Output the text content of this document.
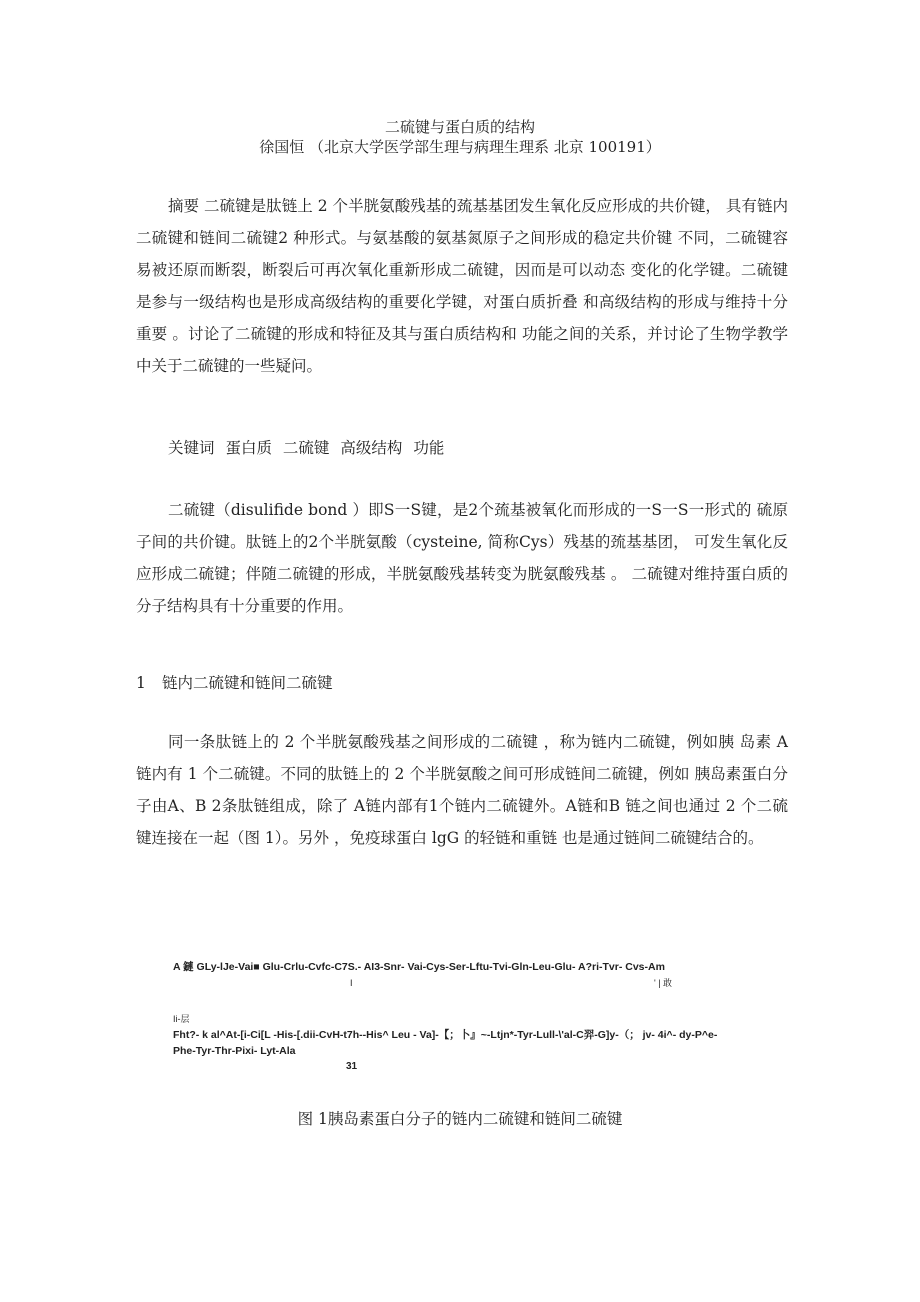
二硫键与蛋白质的结构
徐国恒 （北京大学医学部生理与病理生理系 北京 100191）

摘要 二硫键是肽链上 2 个半胱氨酸残基的巯基基团发生氧化反应形成的共价键， 具有链内二硫键和链间二硫键2 种形式。与氨基酸的氨基氮原子之间形成的稳定共价键 不同，二硫键容易被还原而断裂，断裂后可再次氧化重新形成二硫键，因而是可以动态 变化的化学键。二硫键是参与一级结构也是形成高级结构的重要化学键，对蛋白质折叠 和高级结构的形成与维持十分重要 。讨论了二硫键的形成和特征及其与蛋白质结构和 功能之间的关系，并讨论了生物学教学中关于二硫键的一些疑问。

关键词 蛋白质 二硫键 高级结构 功能

二硫键（disulifide bond ）即S一S键，是2个巯基被氧化而形成的一S一S一形式的 硫原子间的共价键。肽链上的2个半胱氨酸（cysteine, 简称Cys）残基的巯基基团， 可发生氧化反应形成二硫键；伴随二硫键的形成，半胱氨酸残基转变为胱氨酸残基 。 二硫键对维持蛋白质的分子结构具有十分重要的作用。

1 链内二硫键和链间二硫键

同一条肽链上的 2 个半胱氨酸残基之间形成的二硫键 ，称为链内二硫键，例如胰 岛素 A 链内有 1 个二硫键。不同的肽链上的 2 个半胱氨酸之间可形成链间二硫键，例如 胰岛素蛋白分子由A、B 2条肽链组成，除了 A链内部有1个链内二硫键外。A链和B 链之间也通过 2 个二硫键连接在一起（图 1）。另外 ，免疫球蛋白 lgG 的轻链和重链 也是通过链间二硫键结合的。

A 鏈 GLy-lJe-Vai■ Glu-Crlu-Cvfc-C7S.- AI3-Snr- Vai-Cys-Ser-Lftu-Tvi-Gln-Leu-Glu- A?ri-Tvr- Cvs-Am
I	' | 敢
Ii-层
Fht?- k al^At-[i-Ci[L -His-[.dii-CvH-t7h--His^ Leu - Va]-【；卜』~-Ltjn*-Tyr-Lull-\'al-C羿-G]y-（； jv- 4i^- dy-P^e-
Phe-Tyr-Thr-Pixi- Lyt-Ala
31
图 1胰岛素蛋白分子的链内二硫键和链间二硫键
